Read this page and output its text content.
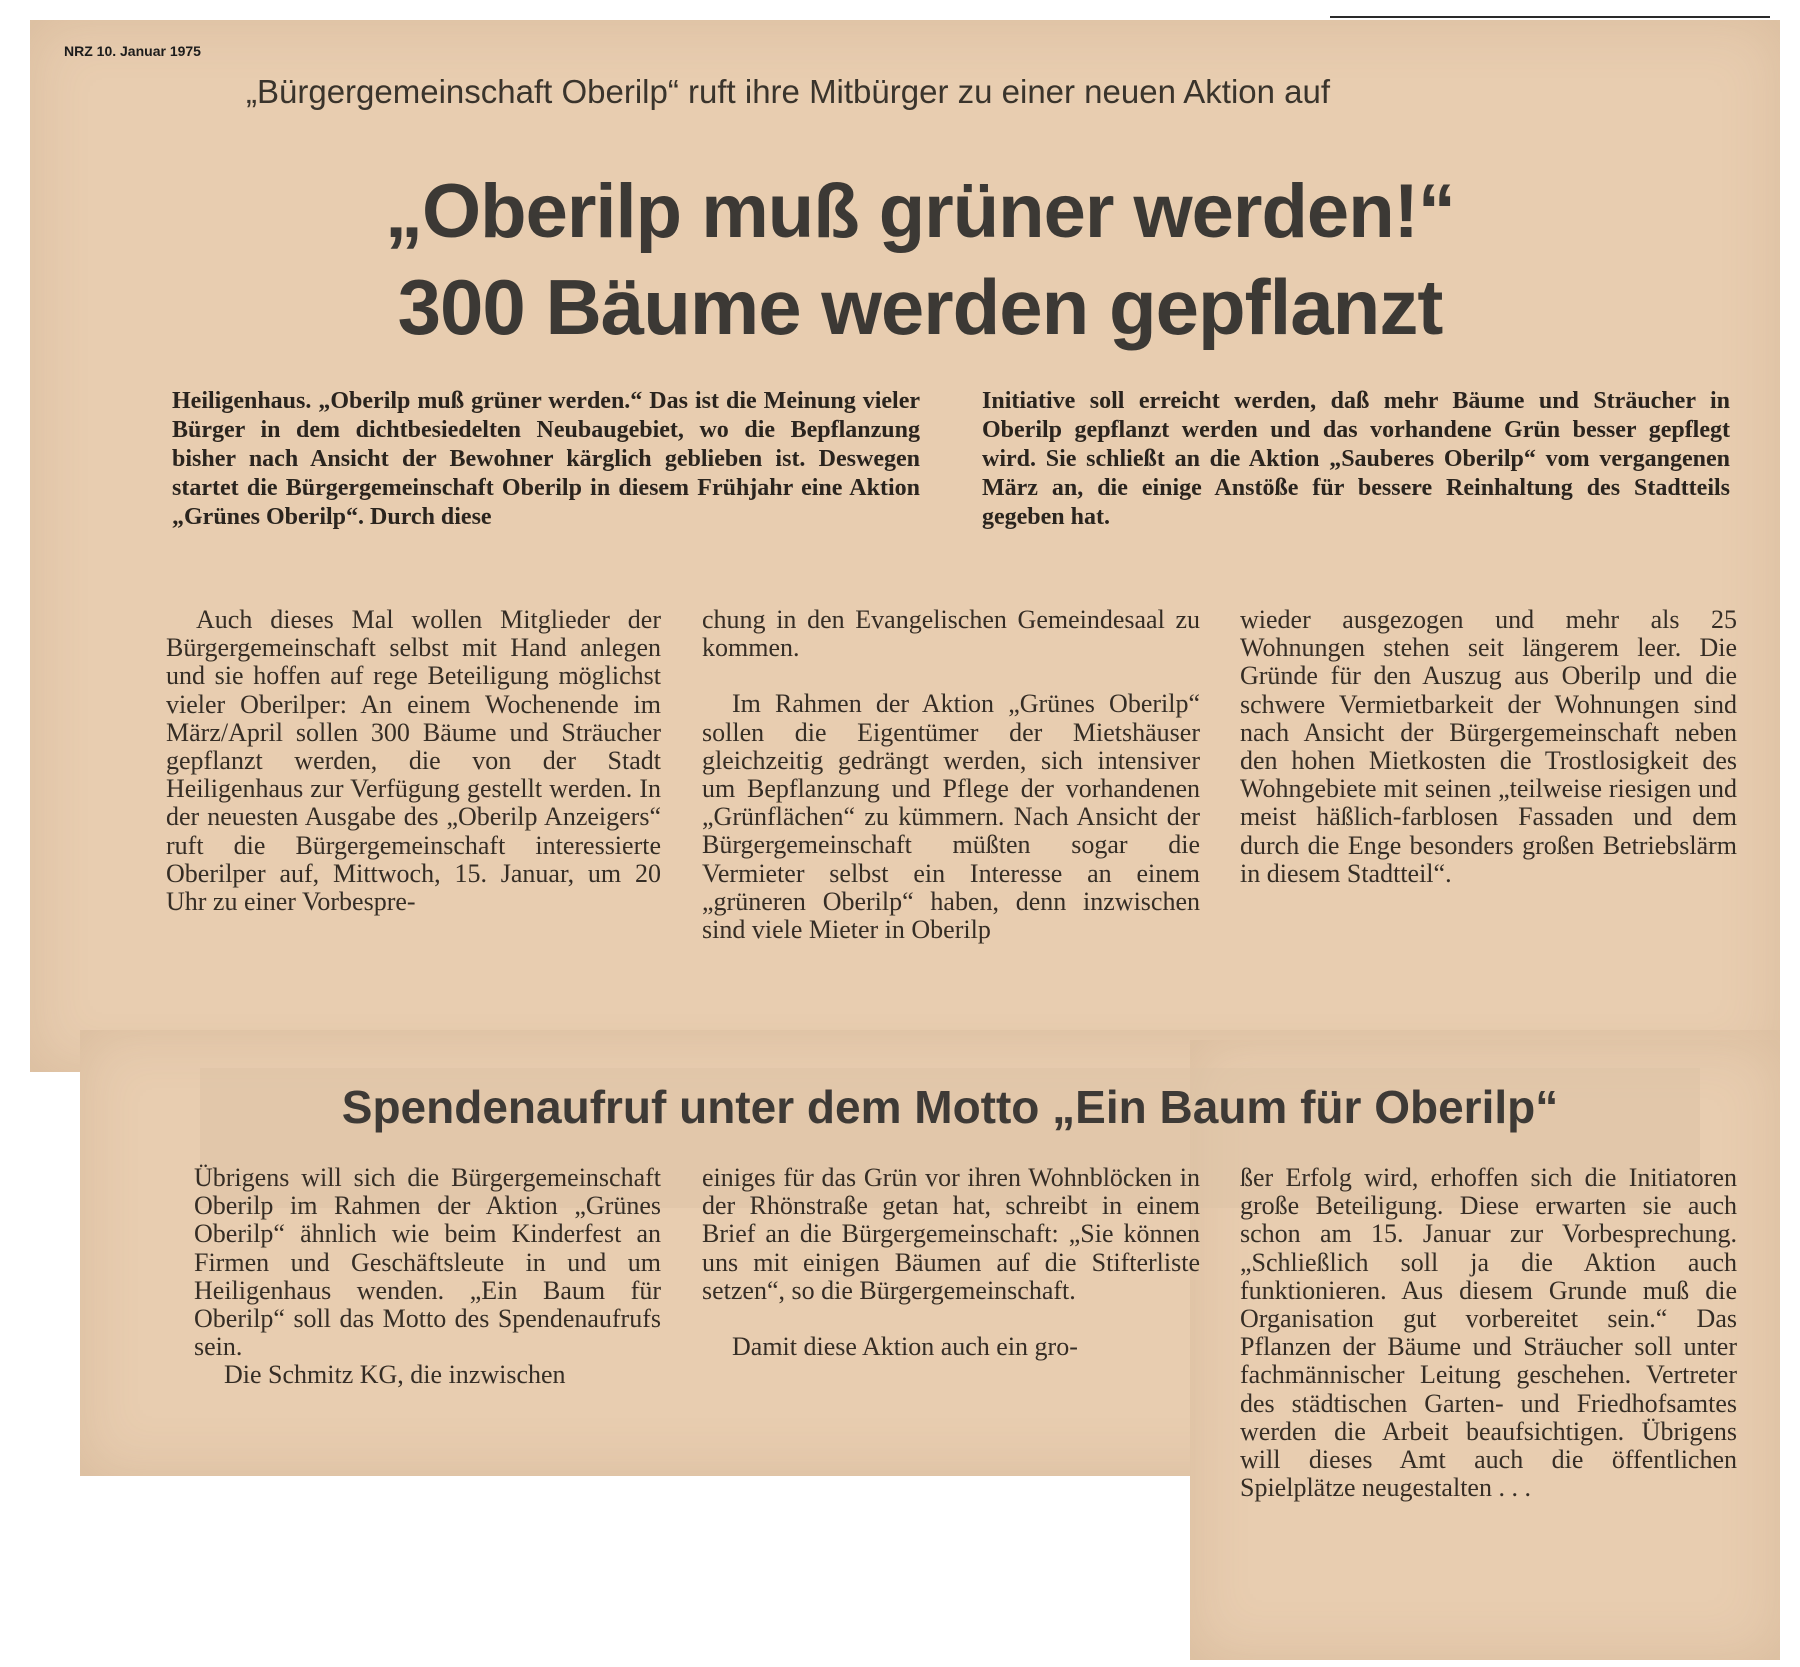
NRZ 10. Januar 1975
„Bürgergemeinschaft Oberilp“ ruft ihre Mitbürger zu einer neuen Aktion auf
„Oberilp muß grüner werden!“
300 Bäume werden gepflanzt
Heiligenhaus. „Oberilp muß grüner werden.“ Das ist die Meinung vieler Bürger in dem dichtbesiedelten Neubaugebiet, wo die Bepflanzung bisher nach Ansicht der Bewohner kärglich geblieben ist. Deswegen startet die Bürgergemeinschaft Oberilp in diesem Frühjahr eine Aktion „Grünes Oberilp“. Durch diese
Initiative soll erreicht werden, daß mehr Bäume und Sträucher in Oberilp gepflanzt werden und das vorhandene Grün besser gepflegt wird. Sie schließt an die Aktion „Sauberes Oberilp“ vom vergangenen März an, die einige Anstöße für bessere Reinhaltung des Stadtteils gegeben hat.

Auch dieses Mal wollen Mitglieder der Bürgergemeinschaft selbst mit Hand anlegen und sie hoffen auf rege Beteiligung möglichst vieler Oberilper: An einem Wochenende im März/April sollen 300 Bäume und Sträucher gepflanzt werden, die von der Stadt Heiligenhaus zur Verfügung gestellt werden. In der neuesten Ausgabe des „Oberilp Anzeigers“ ruft die Bürgergemeinschaft interessierte Oberilper auf, Mittwoch, 15. Januar, um 20 Uhr zu einer Vorbespre-

chung in den Evangelischen Gemeindesaal zu kommen.

Im Rahmen der Aktion „Grünes Oberilp“ sollen die Eigentümer der Mietshäuser gleichzeitig gedrängt werden, sich intensiver um Bepflanzung und Pflege der vorhandenen „Grünflächen“ zu kümmern. Nach Ansicht der Bürgergemeinschaft müßten sogar die Vermieter selbst ein Interesse an einem „grüneren Oberilp“ haben, denn inzwischen sind viele Mieter in Oberilp

wieder ausgezogen und mehr als 25 Wohnungen stehen seit längerem leer. Die Gründe für den Auszug aus Oberilp und die schwere Vermietbarkeit der Wohnungen sind nach Ansicht der Bürgergemeinschaft neben den hohen Mietkosten die Trostlosigkeit des Wohngebiete mit seinen „teilweise riesigen und meist häßlich-farblosen Fassaden und dem durch die Enge besonders großen Betriebslärm in diesem Stadtteil“.

Spendenaufruf unter dem Motto „Ein Baum für Oberilp“

Übrigens will sich die Bürgergemeinschaft Oberilp im Rahmen der Aktion „Grünes Oberilp“ ähnlich wie beim Kinderfest an Firmen und Geschäftsleute in und um Heiligenhaus wenden. „Ein Baum für Oberilp“ soll das Motto des Spendenaufrufs sein.

Die Schmitz KG, die inzwischen

einiges für das Grün vor ihren Wohnblöcken in der Rhönstraße getan hat, schreibt in einem Brief an die Bürgergemeinschaft: „Sie können uns mit einigen Bäumen auf die Stifterliste setzen“, so die Bürgergemeinschaft.

Damit diese Aktion auch ein gro-

ßer Erfolg wird, erhoffen sich die Initiatoren große Beteiligung. Diese erwarten sie auch schon am 15. Januar zur Vorbesprechung. „Schließlich soll ja die Aktion auch funktionieren. Aus diesem Grunde muß die Organisation gut vorbereitet sein.“ Das Pflanzen der Bäume und Sträucher soll unter fachmännischer Leitung geschehen. Vertreter des städtischen Garten- und Friedhofsamtes werden die Arbeit beaufsichtigen. Übrigens will dieses Amt auch die öffentlichen Spielplätze neugestalten . . .
